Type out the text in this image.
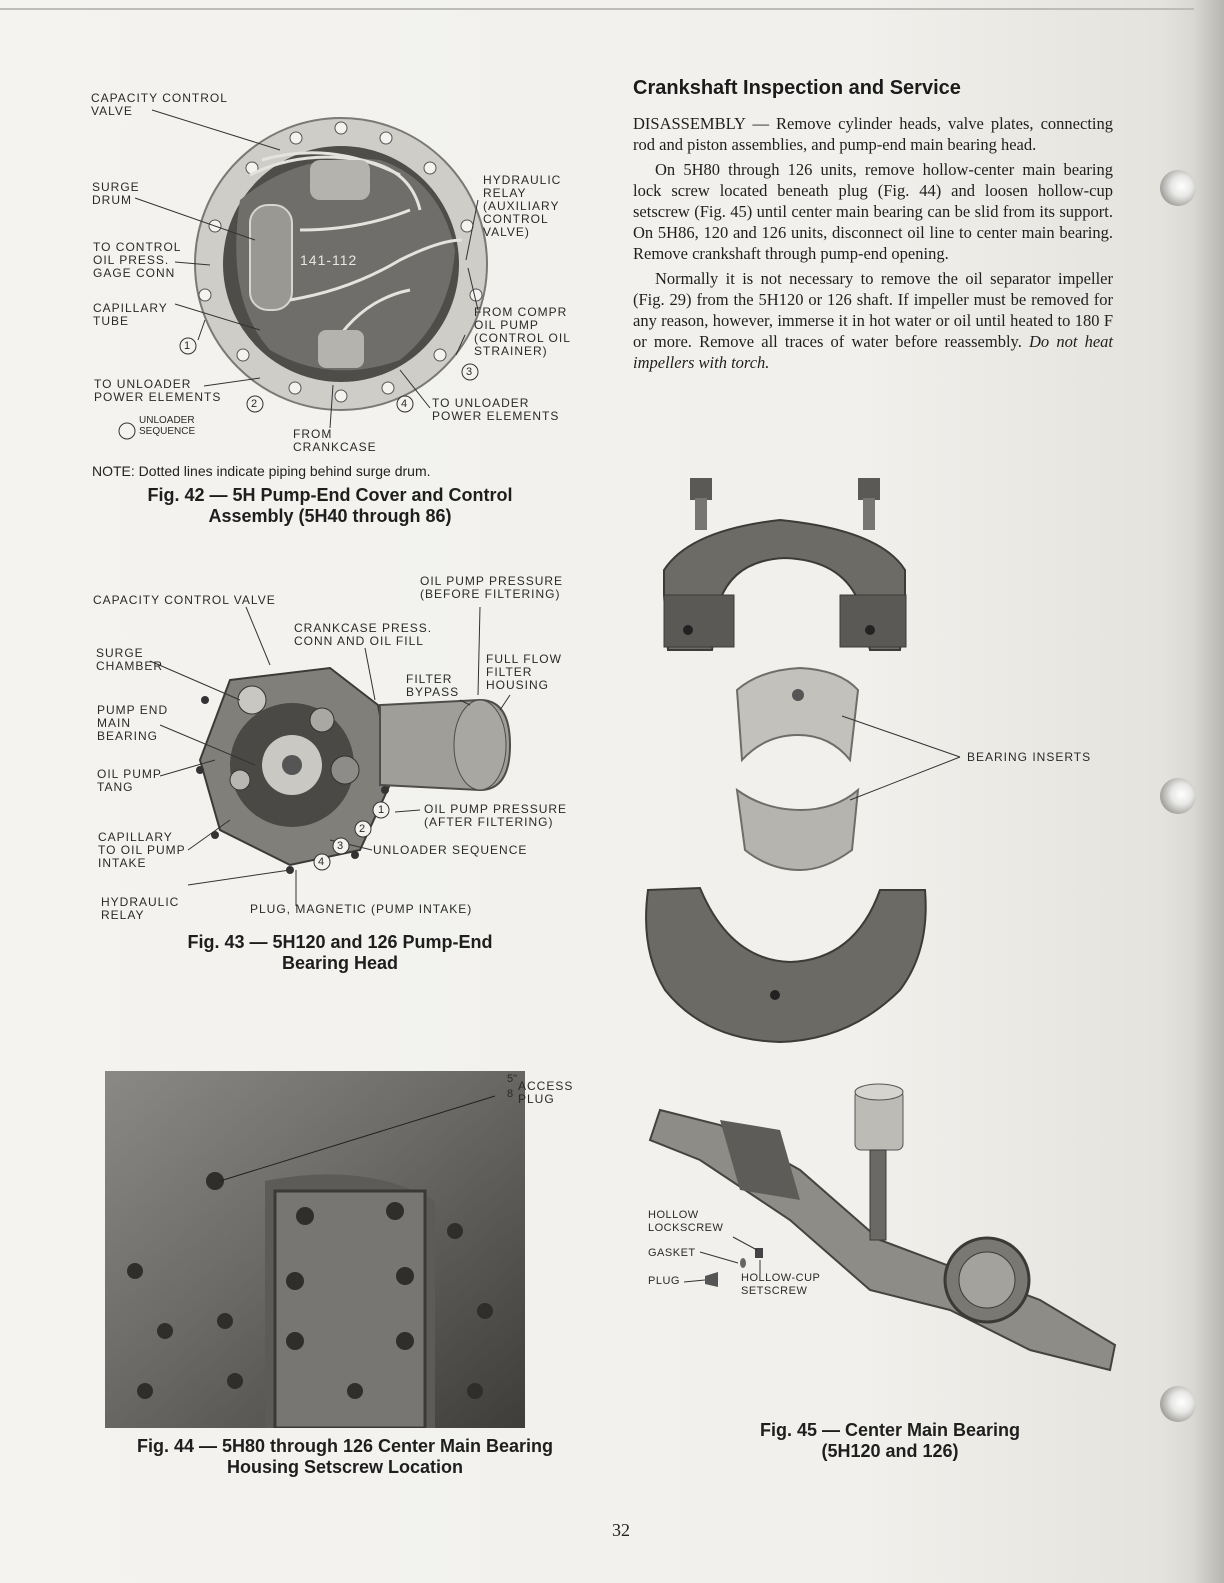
CAPACITY CONTROL
VALVE
SURGE
DRUM
TO CONTROL
OIL PRESS.
GAGE CONN
CAPILLARY
TUBE
TO UNLOADER
POWER ELEMENTS
UNLOADER
SEQUENCE	FROM
CRANKCASE
HYDRAULIC
RELAY
(AUXILIARY
CONTROL
VALVE)
FROM COMPR
OIL PUMP
(CONTROL OIL
STRAINER)
TO UNLOADER
POWER ELEMENTS
141-112
1
2
3
4
NOTE: Dotted lines indicate piping behind surge drum.
Fig. 42 — 5H Pump-End Cover and Control
Assembly (5H40 through 86)
CAPACITY CONTROL VALVE
OIL PUMP PRESSURE
(BEFORE FILTERING)
CRANKCASE PRESS.
CONN AND OIL FILL
SURGE
CHAMBER	FULL FLOW
FILTER
HOUSING
FILTER
BYPASS
PUMP END
MAIN
BEARING
OIL PUMP
TANG
OIL PUMP PRESSURE
(AFTER FILTERING)
CAPILLARY
TO OIL PUMP
INTAKE
UNLOADER SEQUENCE
HYDRAULIC
RELAY	PLUG, MAGNETIC (PUMP INTAKE)
1
2
3
4
Fig. 43 — 5H120 and 126 Pump-End
Bearing Head
5"
8
ACCESS
PLUG
Fig. 44 — 5H80 through 126 Center Main Bearing
Housing Setscrew Location
BEARING INSERTS
HOLLOW
LOCKSCREW
GASKET
PLUG	HOLLOW-CUP
SETSCREW
Fig. 45 — Center Main Bearing
(5H120 and 126)
Crankshaft Inspection and Service

DISASSEMBLY — Remove cylinder heads, valve plates, connecting rod and piston assemblies, and pump-end main bearing head.

On 5H80 through 126 units, remove hollow-center main bearing lock screw located beneath plug (Fig. 44) and loosen hollow-cup setscrew (Fig. 45) until center main bearing can be slid from its support. On 5H86, 120 and 126 units, disconnect oil line to center main bearing. Remove crankshaft through pump-end opening.

Normally it is not necessary to remove the oil separator impeller (Fig. 29) from the 5H120 or 126 shaft. If impeller must be removed for any reason, however, immerse it in hot water or oil until heated to 180 F or more. Remove all traces of water before reassembly. Do not heat impellers with torch.

32
